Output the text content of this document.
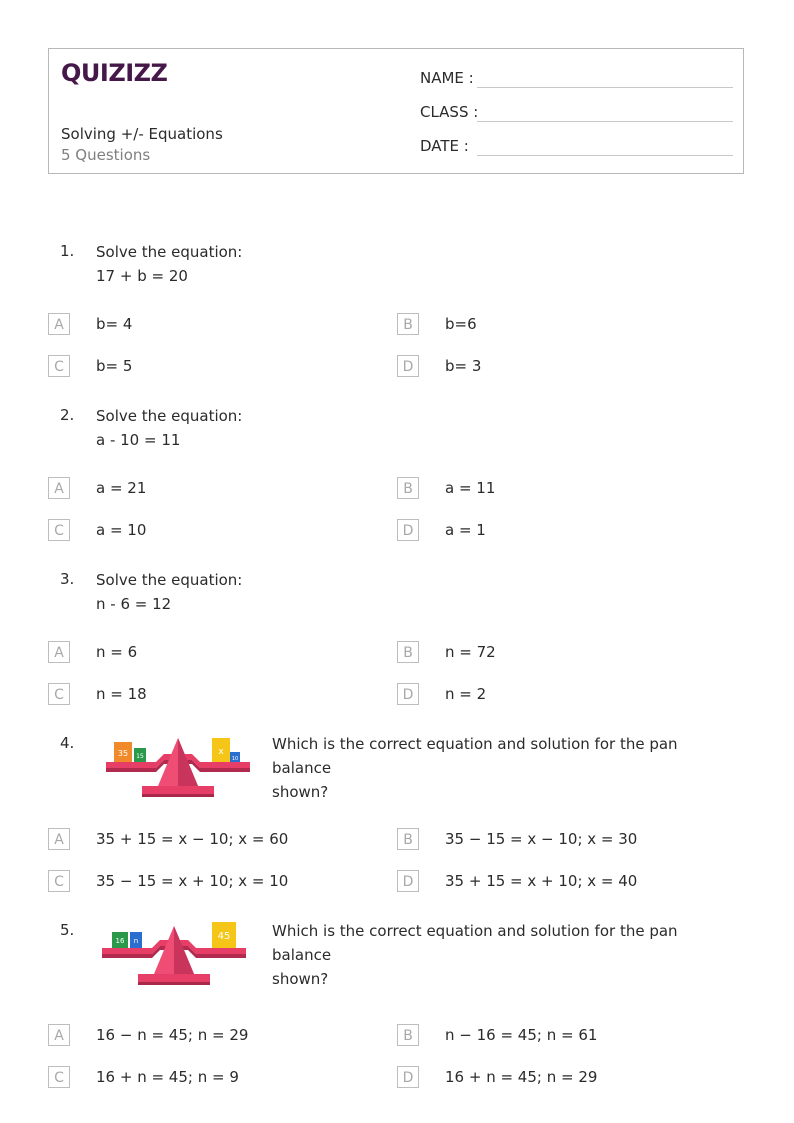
QUIZIZZ
Solving +/- Equations
5 Questions
NAME :
CLASS :
DATE :
1. Solve the equation:
17 + b = 20
A	b= 4	B	b=6
C	b= 5	D	b= 3
2. Solve the equation:
a - 10 = 11
A	a = 21	B	a = 11
C	a = 10	D	a = 1
3. Solve the equation:
n - 6 = 12
A	n = 6	B	n = 72
C	n = 18	D	n = 2
4.
35 15	x
10
Which is the correct equation and solution for the pan balance
shown?
A	35 + 15 = x − 10; x = 60	B	35 − 15 = x − 10; x = 30
C	35 − 15 = x + 10; x = 10	D	35 + 15 = x + 10; x = 40
5.
16 n	45	Which is the correct equation and solution for the pan balance
shown?
A	16 − n = 45; n = 29	B	n − 16 = 45; n = 61
C	16 + n = 45; n = 9	D	16 + n = 45; n = 29
